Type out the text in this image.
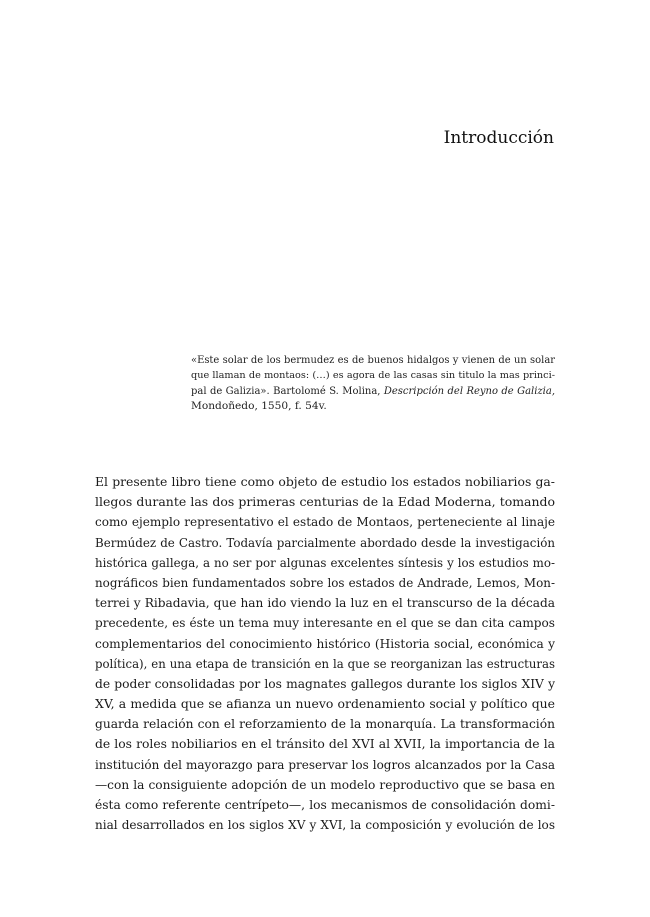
Introducción
«Este solar de los bermudez es de buenos hidalgos y vienen de un solar
que llaman de montaos: (…) es agora de las casas sin titulo la mas princi-
pal de Galizia». Bartolomé S. Molina, Descripción del Reyno de Galizia,
Mondoñedo, 1550, f. 54v.
El presente libro tiene como objeto de estudio los estados nobiliarios ga-
llegos durante las dos primeras centurias de la Edad Moderna, tomando
como ejemplo representativo el estado de Montaos, perteneciente al linaje
Bermúdez de Castro. Todavía parcialmente abordado desde la investigación
histórica gallega, a no ser por algunas excelentes síntesis y los estudios mo-
nográficos bien fundamentados sobre los estados de Andrade, Lemos, Mon-
terrei y Ribadavia, que han ido viendo la luz en el transcurso de la década
precedente, es éste un tema muy interesante en el que se dan cita campos
complementarios del conocimiento histórico (Historia social, económica y
política), en una etapa de transición en la que se reorganizan las estructuras
de poder consolidadas por los magnates gallegos durante los siglos XIV y
XV, a medida que se afianza un nuevo ordenamiento social y político que
guarda relación con el reforzamiento de la monarquía. La transformación
de los roles nobiliarios en el tránsito del XVI al XVII, la importancia de la
institución del mayorazgo para preservar los logros alcanzados por la Casa
—con la consiguiente adopción de un modelo reproductivo que se basa en
ésta como referente centrípeto—, los mecanismos de consolidación domi-
nial desarrollados en los siglos XV y XVI, la composición y evolución de los
